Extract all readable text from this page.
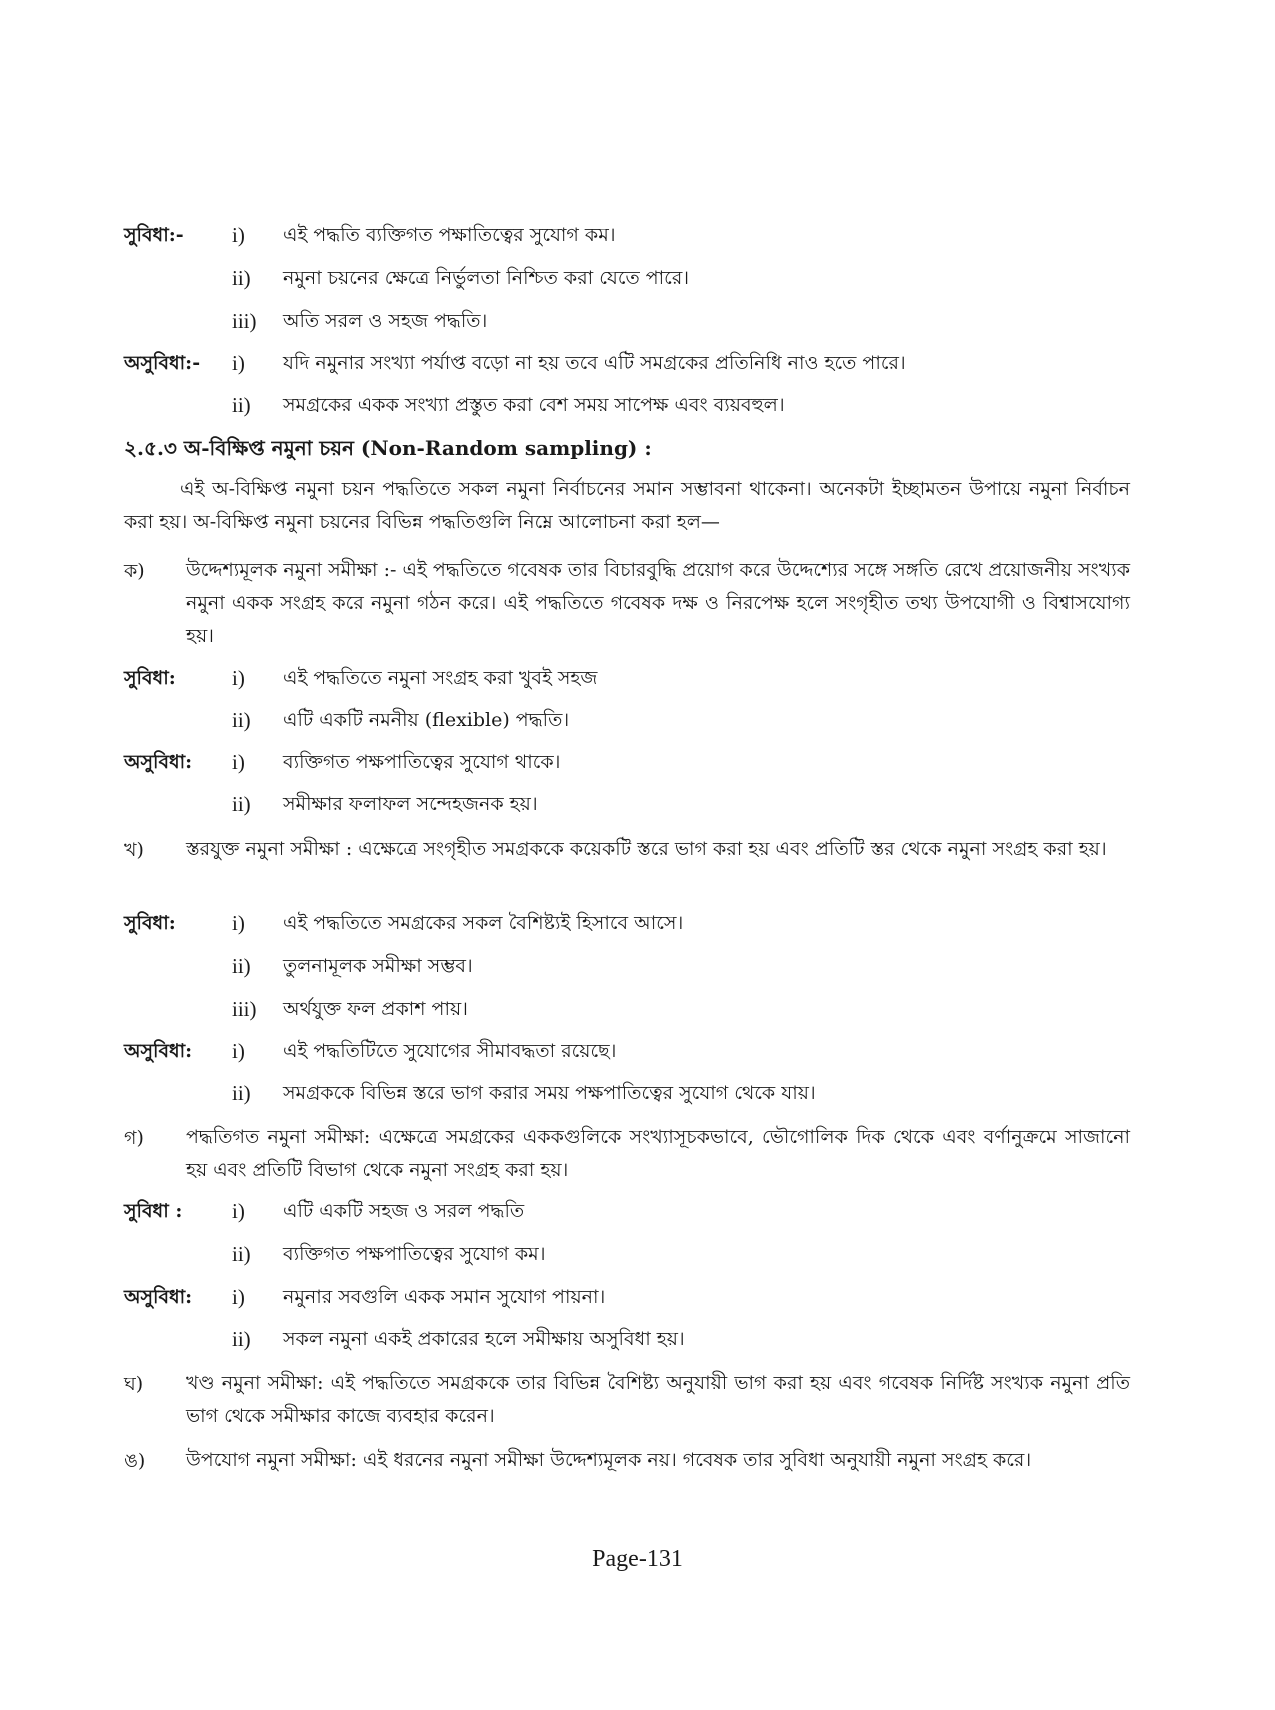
সুবিধা:- i) এই পদ্ধতি ব্যক্তিগত পক্ষাতিত্বের সুযোগ কম।
ii) নমুনা চয়নের ক্ষেত্রে নির্ভুলতা নিশ্চিত করা যেতে পারে।
iii) অতি সরল ও সহজ পদ্ধতি।
অসুবিধা:- i) যদি নমুনার সংখ্যা পর্যাপ্ত বড়ো না হয় তবে এটি সমগ্রকের প্রতিনিধি নাও হতে পারে।
ii) সমগ্রকের একক সংখ্যা প্রস্তুত করা বেশ সময় সাপেক্ষ এবং ব্যয়বহুল।
২.৫.৩ অ-বিক্ষিপ্ত নমুনা চয়ন (Non-Random sampling) :
এই অ-বিক্ষিপ্ত নমুনা চয়ন পদ্ধতিতে সকল নমুনা নির্বাচনের সমান সম্ভাবনা থাকেনা। অনেকটা ইচ্ছামতন উপায়ে নমুনা নির্বাচন করা হয়। অ-বিক্ষিপ্ত নমুনা চয়নের বিভিন্ন পদ্ধতিগুলি নিম্নে আলোচনা করা হল—
ক) উদ্দেশ্যমূলক নমুনা সমীক্ষা :- এই পদ্ধতিতে গবেষক তার বিচারবুদ্ধি প্রয়োগ করে উদ্দেশ্যের সঙ্গে সঙ্গতি রেখে প্রয়োজনীয় সংখ্যক নমুনা একক সংগ্রহ করে নমুনা গঠন করে। এই পদ্ধতিতে গবেষক দক্ষ ও নিরপেক্ষ হলে সংগৃহীত তথ্য উপযোগী ও বিশ্বাসযোগ্য হয়।
সুবিধা:	i) এই পদ্ধতিতে নমুনা সংগ্রহ করা খুবই সহজ
ii) এটি একটি নমনীয় (flexible) পদ্ধতি।
অসুবিধা: i) ব্যক্তিগত পক্ষপাতিত্বের সুযোগ থাকে।
ii) সমীক্ষার ফলাফল সন্দেহজনক হয়।
খ) স্তরযুক্ত নমুনা সমীক্ষা : এক্ষেত্রে সংগৃহীত সমগ্রককে কয়েকটি স্তরে ভাগ করা হয় এবং প্রতিটি স্তর থেকে নমুনা সংগ্রহ করা হয়।
সুবিধা:	i) এই পদ্ধতিতে সমগ্রকের সকল বৈশিষ্ট্যই হিসাবে আসে।
ii) তুলনামূলক সমীক্ষা সম্ভব।
iii) অর্থযুক্ত ফল প্রকাশ পায়।
অসুবিধা: i) এই পদ্ধতিটিতে সুযোগের সীমাবদ্ধতা রয়েছে।
ii) সমগ্রককে বিভিন্ন স্তরে ভাগ করার সময় পক্ষপাতিত্বের সুযোগ থেকে যায়।
গ) পদ্ধতিগত নমুনা সমীক্ষা: এক্ষেত্রে সমগ্রকের এককগুলিকে সংখ্যাসূচকভাবে, ভৌগোলিক দিক থেকে এবং বর্ণানুক্রমে সাজানো হয় এবং প্রতিটি বিভাগ থেকে নমুনা সংগ্রহ করা হয়।
সুবিধা : i) এটি একটি সহজ ও সরল পদ্ধতি
ii) ব্যক্তিগত পক্ষপাতিত্বের সুযোগ কম।
অসুবিধা: i) নমুনার সবগুলি একক সমান সুযোগ পায়না।
ii) সকল নমুনা একই প্রকারের হলে সমীক্ষায় অসুবিধা হয়।
ঘ) খণ্ড নমুনা সমীক্ষা: এই পদ্ধতিতে সমগ্রককে তার বিভিন্ন বৈশিষ্ট্য অনুযায়ী ভাগ করা হয় এবং গবেষক নির্দিষ্ট সংখ্যক নমুনা প্রতি ভাগ থেকে সমীক্ষার কাজে ব্যবহার করেন।
ঙ) উপযোগ নমুনা সমীক্ষা: এই ধরনের নমুনা সমীক্ষা উদ্দেশ্যমূলক নয়। গবেষক তার সুবিধা অনুযায়ী নমুনা সংগ্রহ করে।
Page-131
